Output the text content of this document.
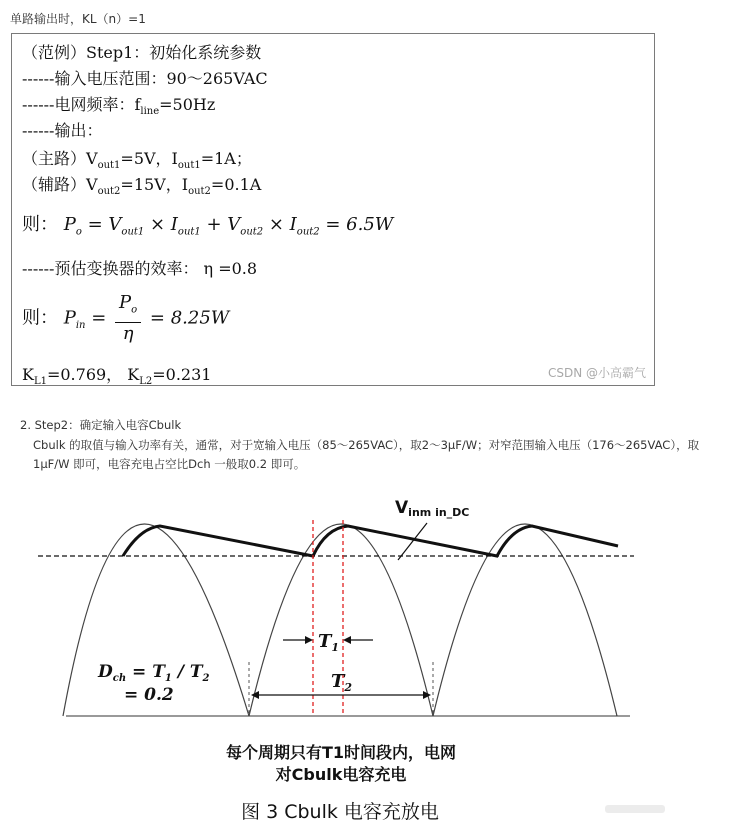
单路输出时，KL（n）=1
（范例）Step1：初始化系统参数
------输入电压范围：90～265VAC
------电网频率：$f_{line}=50Hz$
------输出：
（主路）$V_{out1}=5V$，$I_{out1}=1A$；
（辅路）$V_{out2}=15V$，$I_{out2}=0.1A$
则： $P_o = V_{out1} \times I_{out1} + V_{out2} \times I_{out2} = 6.5W$
------预估变换器的效率： η =0.8
则： $P_{in} = \frac{P_o}{\eta} = 8.25W$
$K_{L1}=0.769$， $K_{L2}=0.231$	CSDN @小高霸气
2. Step2：确定输入电容Cbulk
Cbulk 的取值与输入功率有关，通常，对于宽输入电压（85～265VAC），取2～3μF/W；对窄范围输入电压（176～265VAC），取1μF/W 即可，电容充电占空比Dch 一般取0.2 即可。
Vinm in_DC
$T_1$
$T_2$
$D_{ch} = T_1 / T_2$
= 0.2
每个周期只有T1时间段内，电网
对Cbulk电容充电
图 3 Cbulk 电容充放电
